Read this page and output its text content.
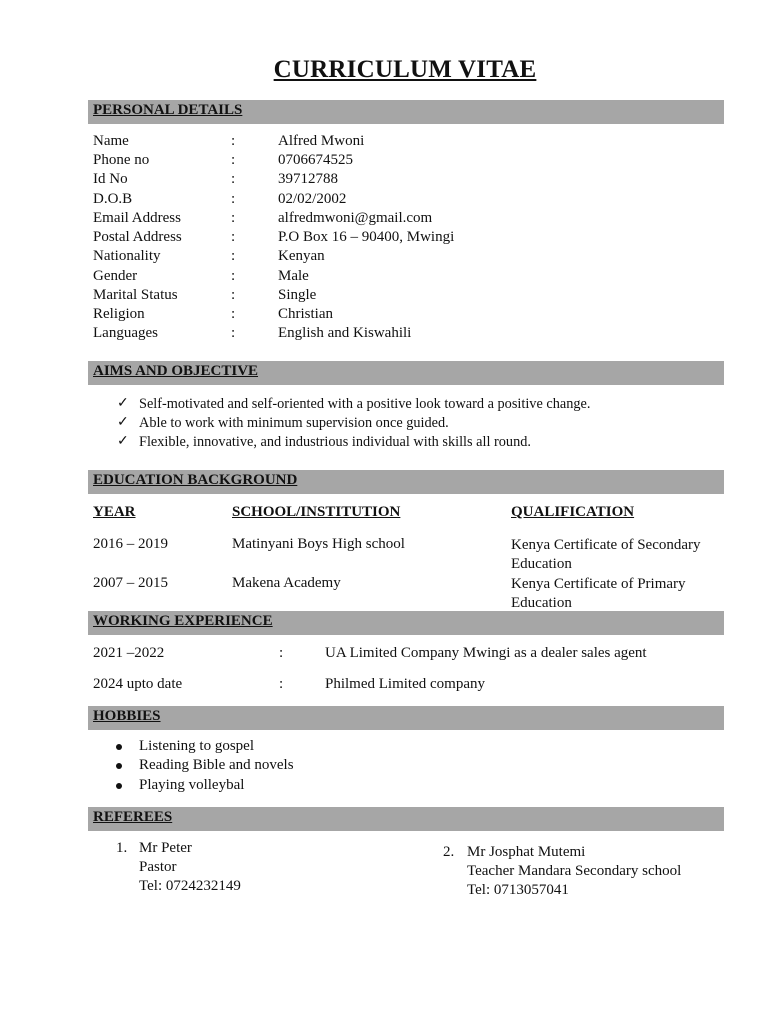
CURRICULUM VITAE
PERSONAL DETAILS
Name	:	Alfred Mwoni
Phone no	:	0706674525
Id No	:	39712788
D.O.B	:	02/02/2002
Email Address	:	alfredmwoni@gmail.com
Postal Address	:	P.O Box 16 – 90400, Mwingi
Nationality	:	Kenyan
Gender	:	Male
Marital Status	:	Single
Religion	:	Christian
Languages	:	English and Kiswahili
AIMS AND OBJECTIVE
✓ Self-motivated and self-oriented with a positive look toward a positive change.
✓ Able to work with minimum supervision once guided.
✓ Flexible, innovative, and industrious individual with skills all round.
EDUCATION BACKGROUND
YEAR	SCHOOL/INSTITUTION	QUALIFICATION
2016 – 2019	Matinyani Boys High school	Kenya Certificate of Secondary Education
2007 – 2015	Makena Academy	Kenya Certificate of Primary Education
WORKING EXPERIENCE
2021 –2022	:	UA Limited Company Mwingi as a dealer sales agent
2024 upto date	:	Philmed Limited company
HOBBIES
Listening to gospel
Reading Bible and novels
Playing volleybal
REFEREES
1. Mr Peter
Pastor
Tel: 0724232149
2. Mr Josphat Mutemi
Teacher Mandara Secondary school
Tel: 0713057041
